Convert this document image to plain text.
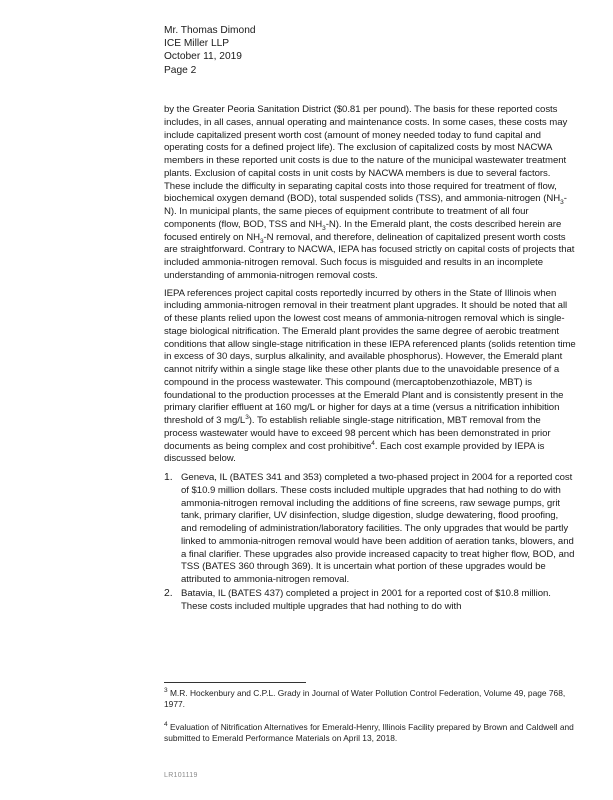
Mr. Thomas Dimond
ICE Miller LLP
October 11, 2019
Page 2

by the Greater Peoria Sanitation District ($0.81 per pound). The basis for these reported costs includes, in all cases, annual operating and maintenance costs. In some cases, these costs may include capitalized present worth cost (amount of money needed today to fund capital and operating costs for a defined project life). The exclusion of capitalized costs by most NACWA members in these reported unit costs is due to the nature of the municipal wastewater treatment plants. Exclusion of capital costs in unit costs by NACWA members is due to several factors. These include the difficulty in separating capital costs into those required for treatment of flow, biochemical oxygen demand (BOD), total suspended solids (TSS), and ammonia-nitrogen $(NH_3-N)$. In municipal plants, the same pieces of equipment contribute to treatment of all four components (flow, BOD, TSS and $NH_3-N$). In the Emerald plant, the costs described herein are focused entirely on $NH_3-N$ removal, and therefore, delineation of capitalized present worth costs are straightforward. Contrary to NACWA, IEPA has focused strictly on capital costs of projects that included ammonia-nitrogen removal. Such focus is misguided and results in an incomplete understanding of ammonia-nitrogen removal costs.

IEPA references project capital costs reportedly incurred by others in the State of Illinois when including ammonia-nitrogen removal in their treatment plant upgrades. It should be noted that all of these plants relied upon the lowest cost means of ammonia-nitrogen removal which is single-stage biological nitrification. The Emerald plant provides the same degree of aerobic treatment conditions that allow single-stage nitrification in these IEPA referenced plants (solids retention time in excess of 30 days, surplus alkalinity, and available phosphorus). However, the Emerald plant cannot nitrify within a single stage like these other plants due to the unavoidable presence of a compound in the process wastewater. This compound (mercaptobenzothiazole, MBT) is foundational to the production processes at the Emerald Plant and is consistently present in the primary clarifier effluent at 160 mg/L or higher for days at a time (versus a nitrification inhibition threshold of 3 $mg/L^3$). To establish reliable single-stage nitrification, MBT removal from the process wastewater would have to exceed 98 percent which has been demonstrated in prior documents as being complex and cost prohibitive$^4$. Each cost example provided by IEPA is discussed below.

1. Geneva, IL (BATES 341 and 353) completed a two-phased project in 2004 for a reported cost of $10.9 million dollars. These costs included multiple upgrades that had nothing to do with ammonia-nitrogen removal including the additions of fine screens, raw sewage pumps, grit tank, primary clarifier, UV disinfection, sludge digestion, sludge dewatering, flood proofing, and remodeling of administration/laboratory facilities. The only upgrades that would be partly linked to ammonia-nitrogen removal would have been addition of aeration tanks, blowers, and a final clarifier. These upgrades also provide increased capacity to treat higher flow, BOD, and TSS (BATES 360 through 369). It is uncertain what portion of these upgrades would be attributed to ammonia-nitrogen removal.
2. Batavia, IL (BATES 437) completed a project in 2001 for a reported cost of $10.8 million. These costs included multiple upgrades that had nothing to do with
$^3$ M.R. Hockenbury and C.P.L. Grady in Journal of Water Pollution Control Federation, Volume 49, page 768, 1977.
$^4$ Evaluation of Nitrification Alternatives for Emerald-Henry, Illinois Facility prepared by Brown and Caldwell and submitted to Emerald Performance Materials on April 13, 2018.
LR101119
